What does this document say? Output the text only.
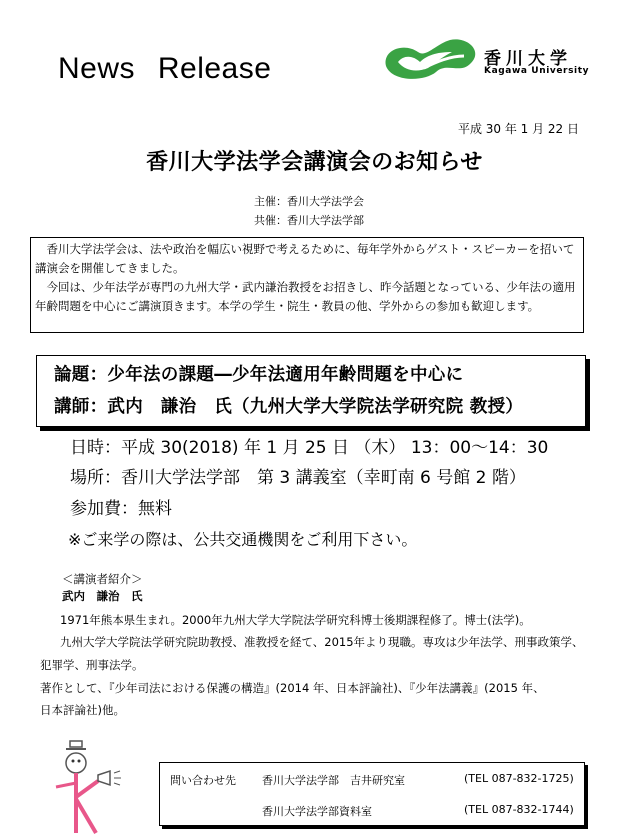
News Release	香川大学
Kagawa University
平成 30 年 1 月 22 日
香川大学法学会講演会のお知らせ
主催：香川大学法学会
共催：香川大学法学部

香川大学法学会は、法や政治を幅広い視野で考えるために、毎年学外からゲスト・スピーカーを招いて講演会を開催してきました。

今回は、少年法学が専門の九州大学・武内謙治教授をお招きし、昨今話題となっている、少年法の適用年齢問題を中心にご講演頂きます。本学の学生・院生・教員の他、学外からの参加も歓迎します。

論題：少年法の課題―少年法適用年齢問題を中心に
講師：武内　謙治　氏（九州大学大学院法学研究院 教授）
日時：平成 30(2018) 年 1 月 25 日 （木） 13：00～14：30
場所：香川大学法学部　第 3 講義室（幸町南 6 号館 2 階）
参加費：無料
※ご来学の際は、公共交通機関をご利用下さい。
＜講演者紹介＞
武内　謙治　氏
1971年熊本県生まれ。2000年九州大学大学院法学研究科博士後期課程修了。博士(法学)。
九州大学大学院法学研究院助教授、准教授を経て、2015年より現職。専攻は少年法学、刑事政策学、
犯罪学、刑事法学。
著作として、『少年司法における保護の構造』(2014 年、日本評論社)、『少年法講義』(2015 年、
日本評論社)他。
問い合わせ先 香川大学法学部　吉井研究室	(TEL 087-832-1725)
香川大学法学部資料室	(TEL 087-832-1744)
